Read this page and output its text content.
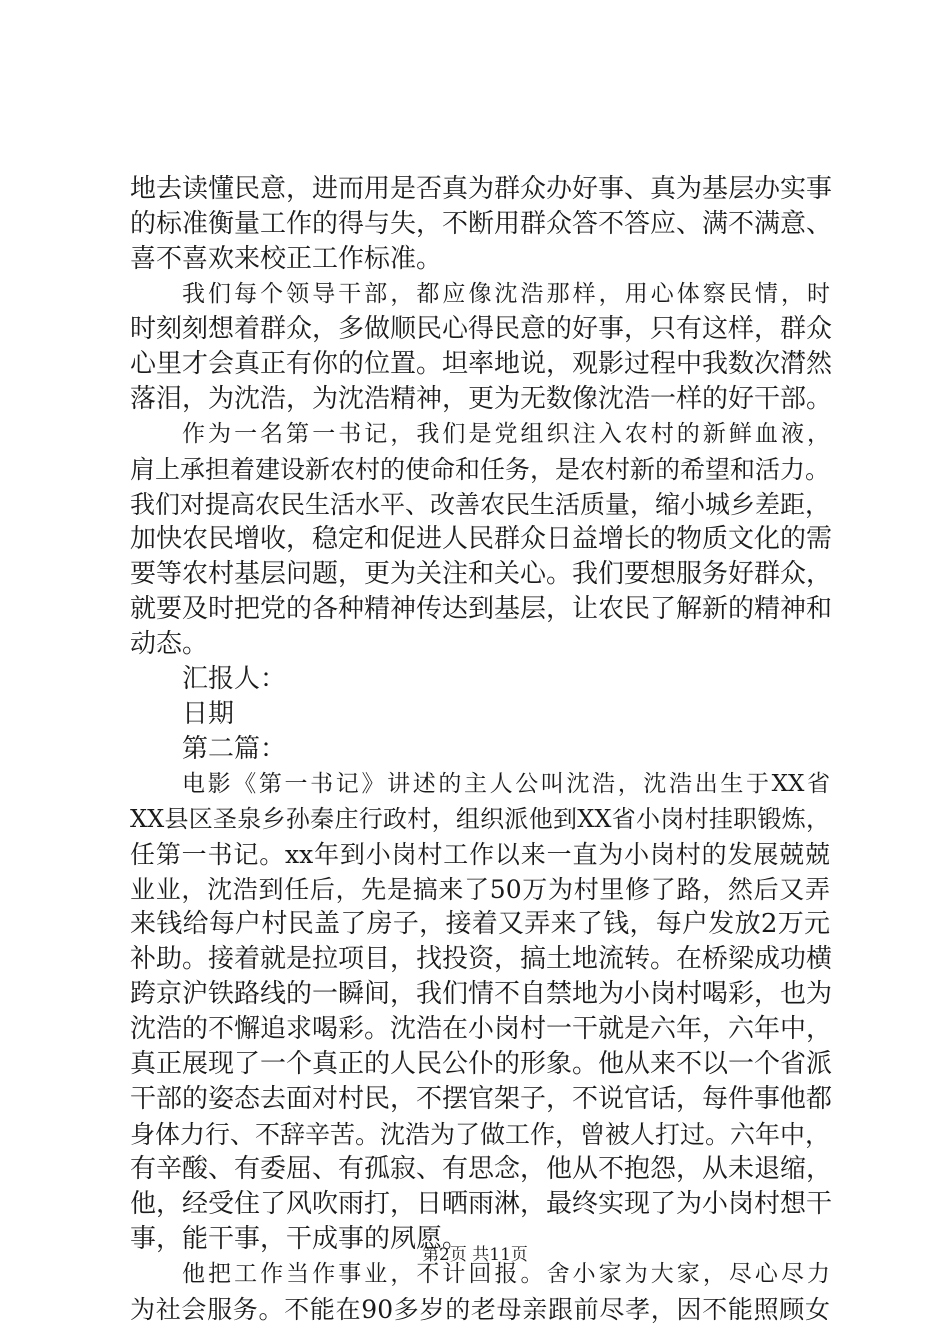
地去读懂民意，进而用是否真为群众办好事、真为基层办实事
的标准衡量工作的得与失，不断用群众答不答应、满不满意、
喜不喜欢来校正工作标准。
我们每个领导干部，都应像沈浩那样，用心体察民情，时
时刻刻想着群众，多做顺民心得民意的好事，只有这样，群众
心里才会真正有你的位置。坦率地说，观影过程中我数次潸然
落泪，为沈浩，为沈浩精神，更为无数像沈浩一样的好干部。
作为一名第一书记，我们是党组织注入农村的新鲜血液，
肩上承担着建设新农村的使命和任务，是农村新的希望和活力。
我们对提高农民生活水平、改善农民生活质量，缩小城乡差距，
加快农民增收，稳定和促进人民群众日益增长的物质文化的需
要等农村基层问题，更为关注和关心。我们要想服务好群众，
就要及时把党的各种精神传达到基层，让农民了解新的精神和
动态。
汇报人：
日期
第二篇：
电影《第一书记》讲述的主人公叫沈浩，沈浩出生于XX省
XX县区圣泉乡孙秦庄行政村，组织派他到XX省小岗村挂职锻炼，
任第一书记。xx年到小岗村工作以来一直为小岗村的发展兢兢
业业，沈浩到任后，先是搞来了50万为村里修了路，然后又弄
来钱给每户村民盖了房子，接着又弄来了钱，每户发放2万元
补助。接着就是拉项目，找投资，搞土地流转。在桥梁成功横
跨京沪铁路线的一瞬间，我们情不自禁地为小岗村喝彩，也为
沈浩的不懈追求喝彩。沈浩在小岗村一干就是六年，六年中，
真正展现了一个真正的人民公仆的形象。他从来不以一个省派
干部的姿态去面对村民，不摆官架子，不说官话，每件事他都
身体力行、不辞辛苦。沈浩为了做工作，曾被人打过。六年中，
有辛酸、有委屈、有孤寂、有思念，他从不抱怨，从未退缩，
他，经受住了风吹雨打，日晒雨淋，最终实现了为小岗村想干
事，能干事，干成事的夙愿。
他把工作当作事业，不计回报。舍小家为大家，尽心尽力
为社会服务。不能在90多岁的老母亲跟前尽孝，因不能照顾女
第2页 共11页
